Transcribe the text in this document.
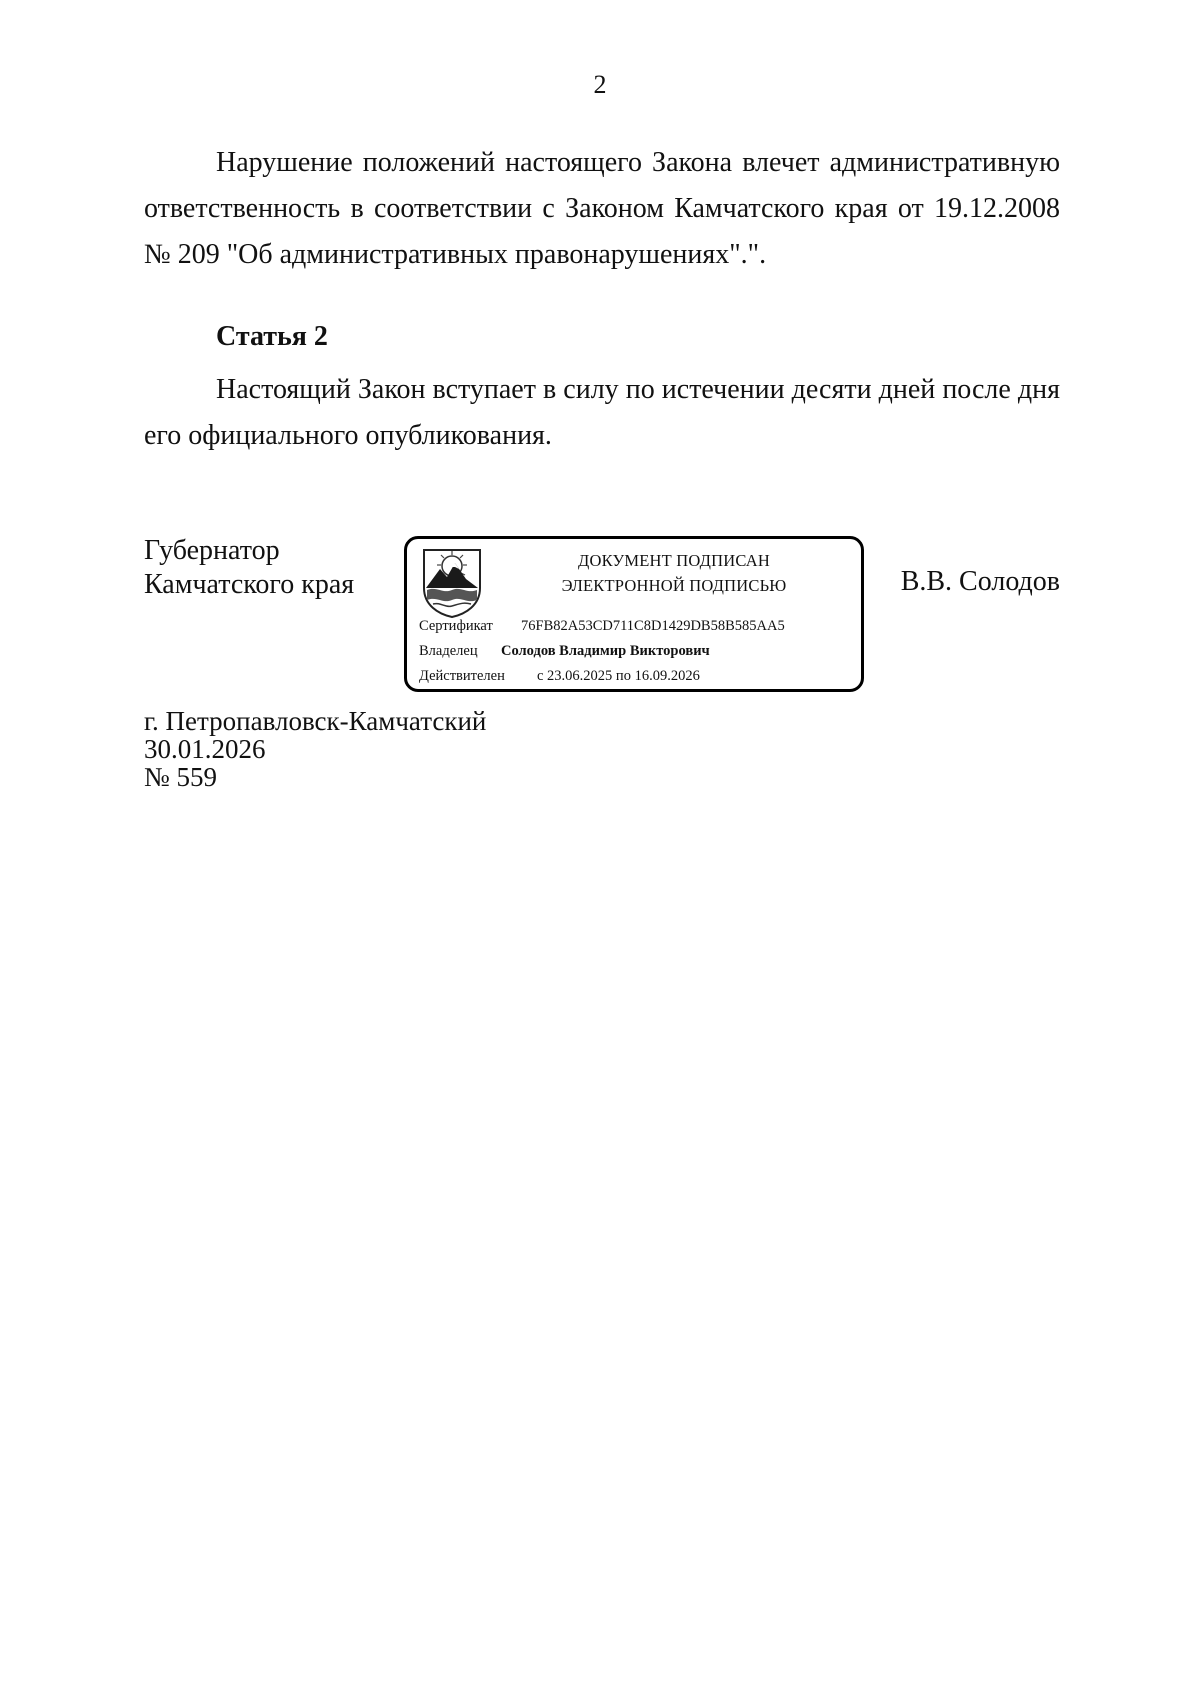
2
Нарушение положений настоящего Закона влечет административную
ответственность в соответствии с Законом Камчатского края от 19.12.2008
№ 209 "Об административных правонарушениях".".
Статья 2
Настоящий Закон вступает в силу по истечении десяти дней после дня
его официального опубликования.
Губернатор
Камчатского края
ДОКУМЕНТ ПОДПИСАН
ЭЛЕКТРОННОЙ ПОДПИСЬЮ
Сертификат 76FB82A53CD711C8D1429DB58B585AA5
Владелец Солодов Владимир Викторович
Действителен с 23.06.2025 по 16.09.2026
В.В. Солодов
г. Петропавловск-Камчатский
30.01.2026
№ 559
